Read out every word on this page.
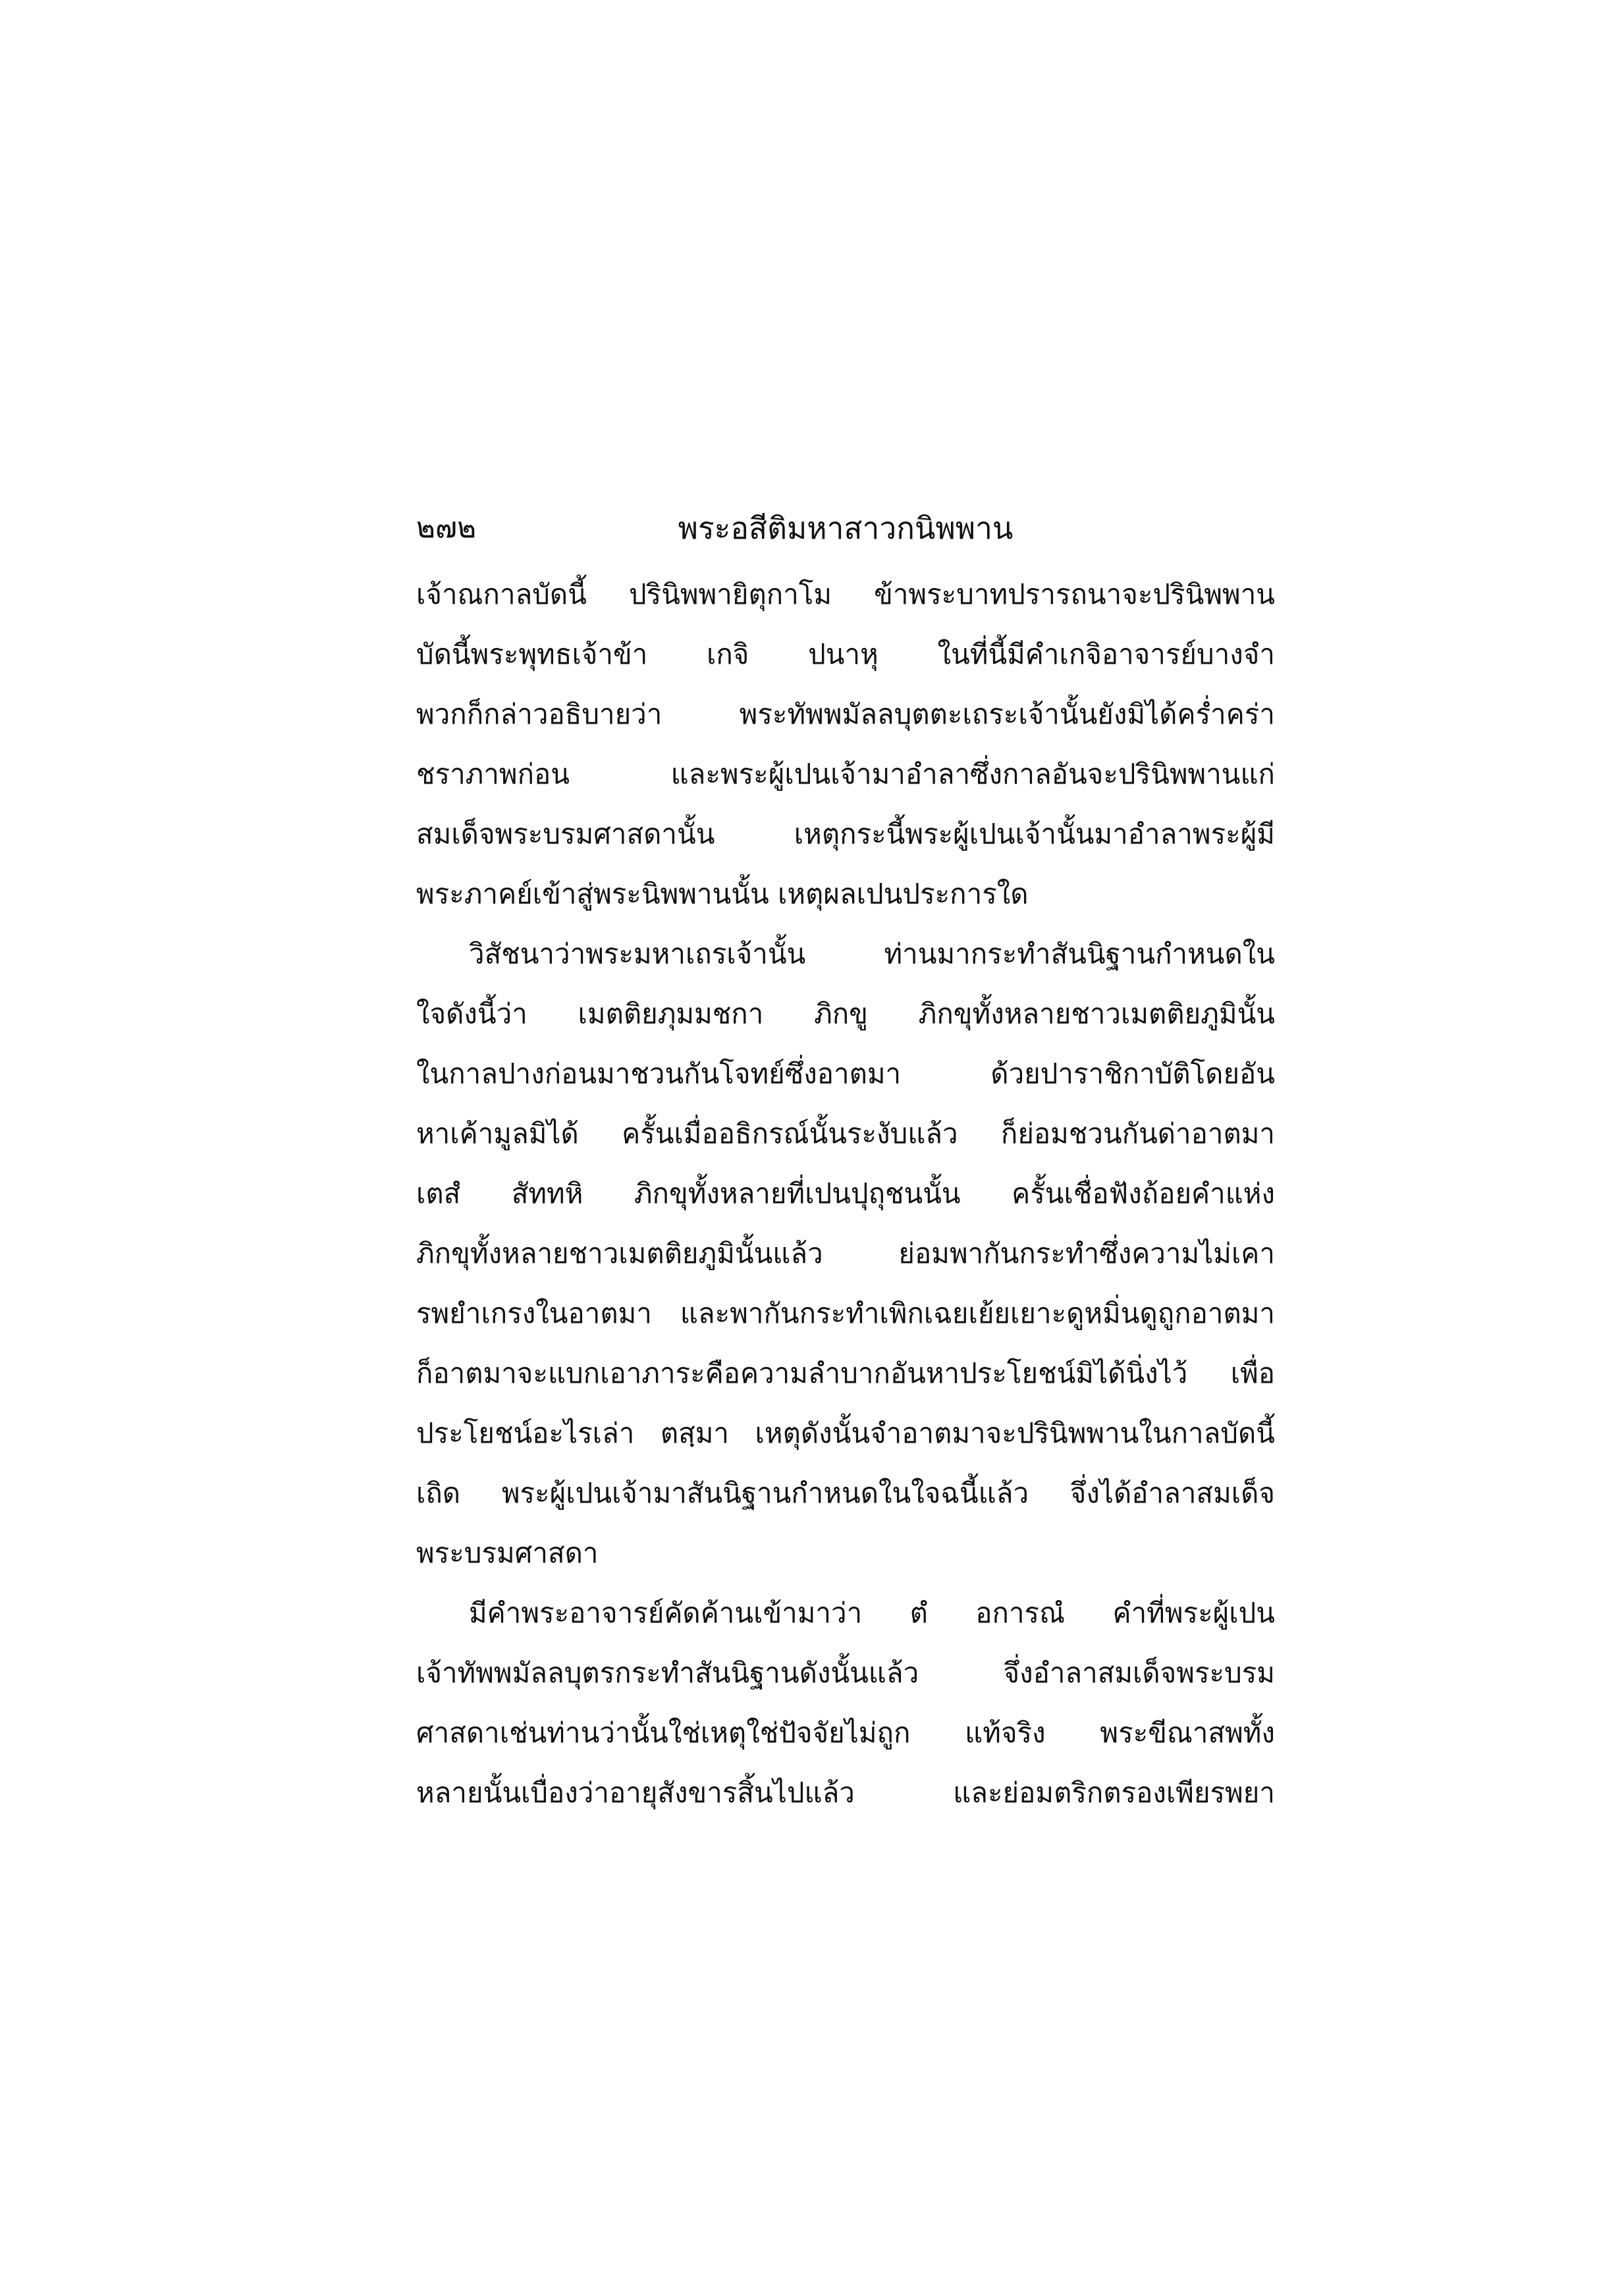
๒๗๒	พระอสีติมหาสาวกนิพพาน
เจ้าณกาลบัดนี้ ปรินิพพายิตุกาโม ข้าพระบาทปรารถนาจะปรินิพพาน
บัดนี้พระพุทธเจ้าข้า เกจิ ปนาหุ ในที่นี้มีคำเกจิอาจารย์บางจำ
พวกก็กล่าวอธิบายว่า พระทัพพมัลลบุตตะเถระเจ้านั้นยังมิได้คร่ำคร่า
ชราภาพก่อน และพระผู้เปนเจ้ามาอำลาซึ่งกาลอันจะปรินิพพานแก่
สมเด็จพระบรมศาสดานั้น เหตุกระนี้พระผู้เปนเจ้านั้นมาอำลาพระผู้มี
พระภาคย์เข้าสู่พระนิพพานนั้น เหตุผลเปนประการใด
วิสัชนาว่าพระมหาเถรเจ้านั้น ท่านมากระทำสันนิฐานกำหนดใน
ใจดังนี้ว่า เมตติยภุมมชกา ภิกขู ภิกขุทั้งหลายชาวเมตติยภูมินั้น
ในกาลปางก่อนมาชวนกันโจทย์ซึ่งอาตมา ด้วยปาราชิกาบัติโดยอัน
หาเค้ามูลมิได้ ครั้นเมื่ออธิกรณ์นั้นระงับแล้ว ก็ย่อมชวนกันด่าอาตมา
เตสํ สัททหิ ภิกขุทั้งหลายที่เปนปุถุชนนั้น ครั้นเชื่อฟังถ้อยคำแห่ง
ภิกขุทั้งหลายชาวเมตติยภูมินั้นแล้ว ย่อมพากันกระทำซึ่งความไม่เคา
รพยำเกรงในอาตมา และพากันกระทำเพิกเฉยเย้ยเยาะดูหมิ่นดูถูกอาตมา
ก็อาตมาจะแบกเอาภาระคือความลำบากอันหาประโยชน์มิได้นิ่งไว้ เพื่อ
ประโยชน์อะไรเล่า ตสฺมา เหตุดังนั้นจำอาตมาจะปรินิพพานในกาลบัดนี้
เถิด พระผู้เปนเจ้ามาสันนิฐานกำหนดในใจฉนี้แล้ว จึ่งได้อำลาสมเด็จ
พระบรมศาสดา
มีคำพระอาจารย์คัดค้านเข้ามาว่า ตํ อการณํ คำที่พระผู้เปน
เจ้าทัพพมัลลบุตรกระทำสันนิฐานดังนั้นแล้ว จึ่งอำลาสมเด็จพระบรม
ศาสดาเช่นท่านว่านั้นใช่เหตุใช่ปัจจัยไม่ถูก แท้จริง พระขีณาสพทั้ง
หลายนั้นเบื่องว่าอายุสังขารสิ้นไปแล้ว และย่อมตริกตรองเพียรพยา
